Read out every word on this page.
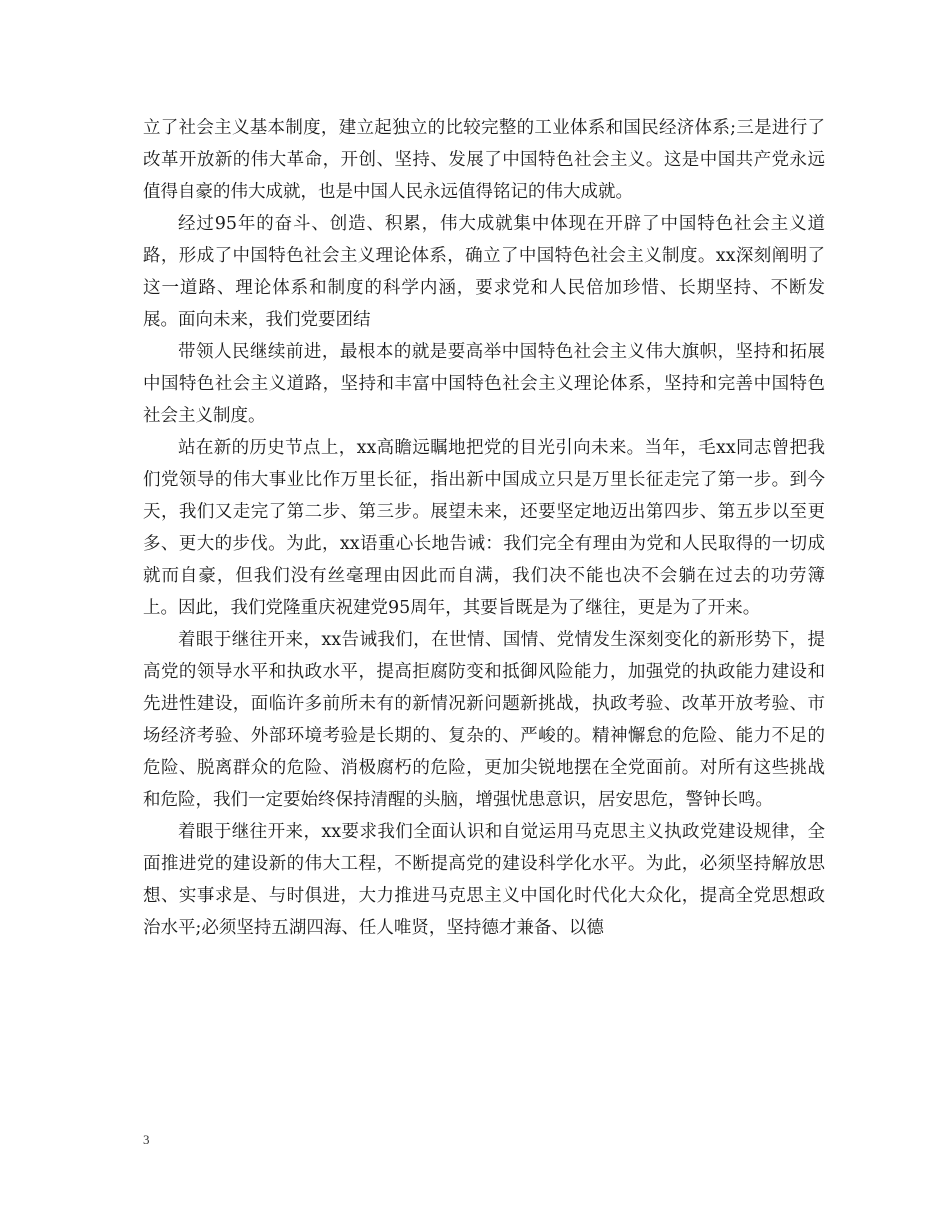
立了社会主义基本制度，建立起独立的比较完整的工业体系和国民经济体系;三是进行了改革开放新的伟大革命，开创、坚持、发展了中国特色社会主义。这是中国共产党永远值得自豪的伟大成就，也是中国人民永远值得铭记的伟大成就。

经过95年的奋斗、创造、积累，伟大成就集中体现在开辟了中国特色社会主义道路，形成了中国特色社会主义理论体系，确立了中国特色社会主义制度。xx深刻阐明了这一道路、理论体系和制度的科学内涵，要求党和人民倍加珍惜、长期坚持、不断发展。面向未来，我们党要团结

带领人民继续前进，最根本的就是要高举中国特色社会主义伟大旗帜，坚持和拓展中国特色社会主义道路，坚持和丰富中国特色社会主义理论体系，坚持和完善中国特色社会主义制度。

站在新的历史节点上，xx高瞻远瞩地把党的目光引向未来。当年，毛xx同志曾把我们党领导的伟大事业比作万里长征，指出新中国成立只是万里长征走完了第一步。到今天，我们又走完了第二步、第三步。展望未来，还要坚定地迈出第四步、第五步以至更多、更大的步伐。为此，xx语重心长地告诫：我们完全有理由为党和人民取得的一切成就而自豪，但我们没有丝毫理由因此而自满，我们决不能也决不会躺在过去的功劳簿上。因此，我们党隆重庆祝建党95周年，其要旨既是为了继往，更是为了开来。

着眼于继往开来，xx告诫我们，在世情、国情、党情发生深刻变化的新形势下，提高党的领导水平和执政水平，提高拒腐防变和抵御风险能力，加强党的执政能力建设和先进性建设，面临许多前所未有的新情况新问题新挑战，执政考验、改革开放考验、市场经济考验、外部环境考验是长期的、复杂的、严峻的。精神懈怠的危险、能力不足的危险、脱离群众的危险、消极腐朽的危险，更加尖锐地摆在全党面前。对所有这些挑战和危险，我们一定要始终保持清醒的头脑，增强忧患意识，居安思危，警钟长鸣。

着眼于继往开来，xx要求我们全面认识和自觉运用马克思主义执政党建设规律，全面推进党的建设新的伟大工程，不断提高党的建设科学化水平。为此，必须坚持解放思想、实事求是、与时俱进，大力推进马克思主义中国化时代化大众化，提高全党思想政治水平;必须坚持五湖四海、任人唯贤，坚持德才兼备、以德

3
